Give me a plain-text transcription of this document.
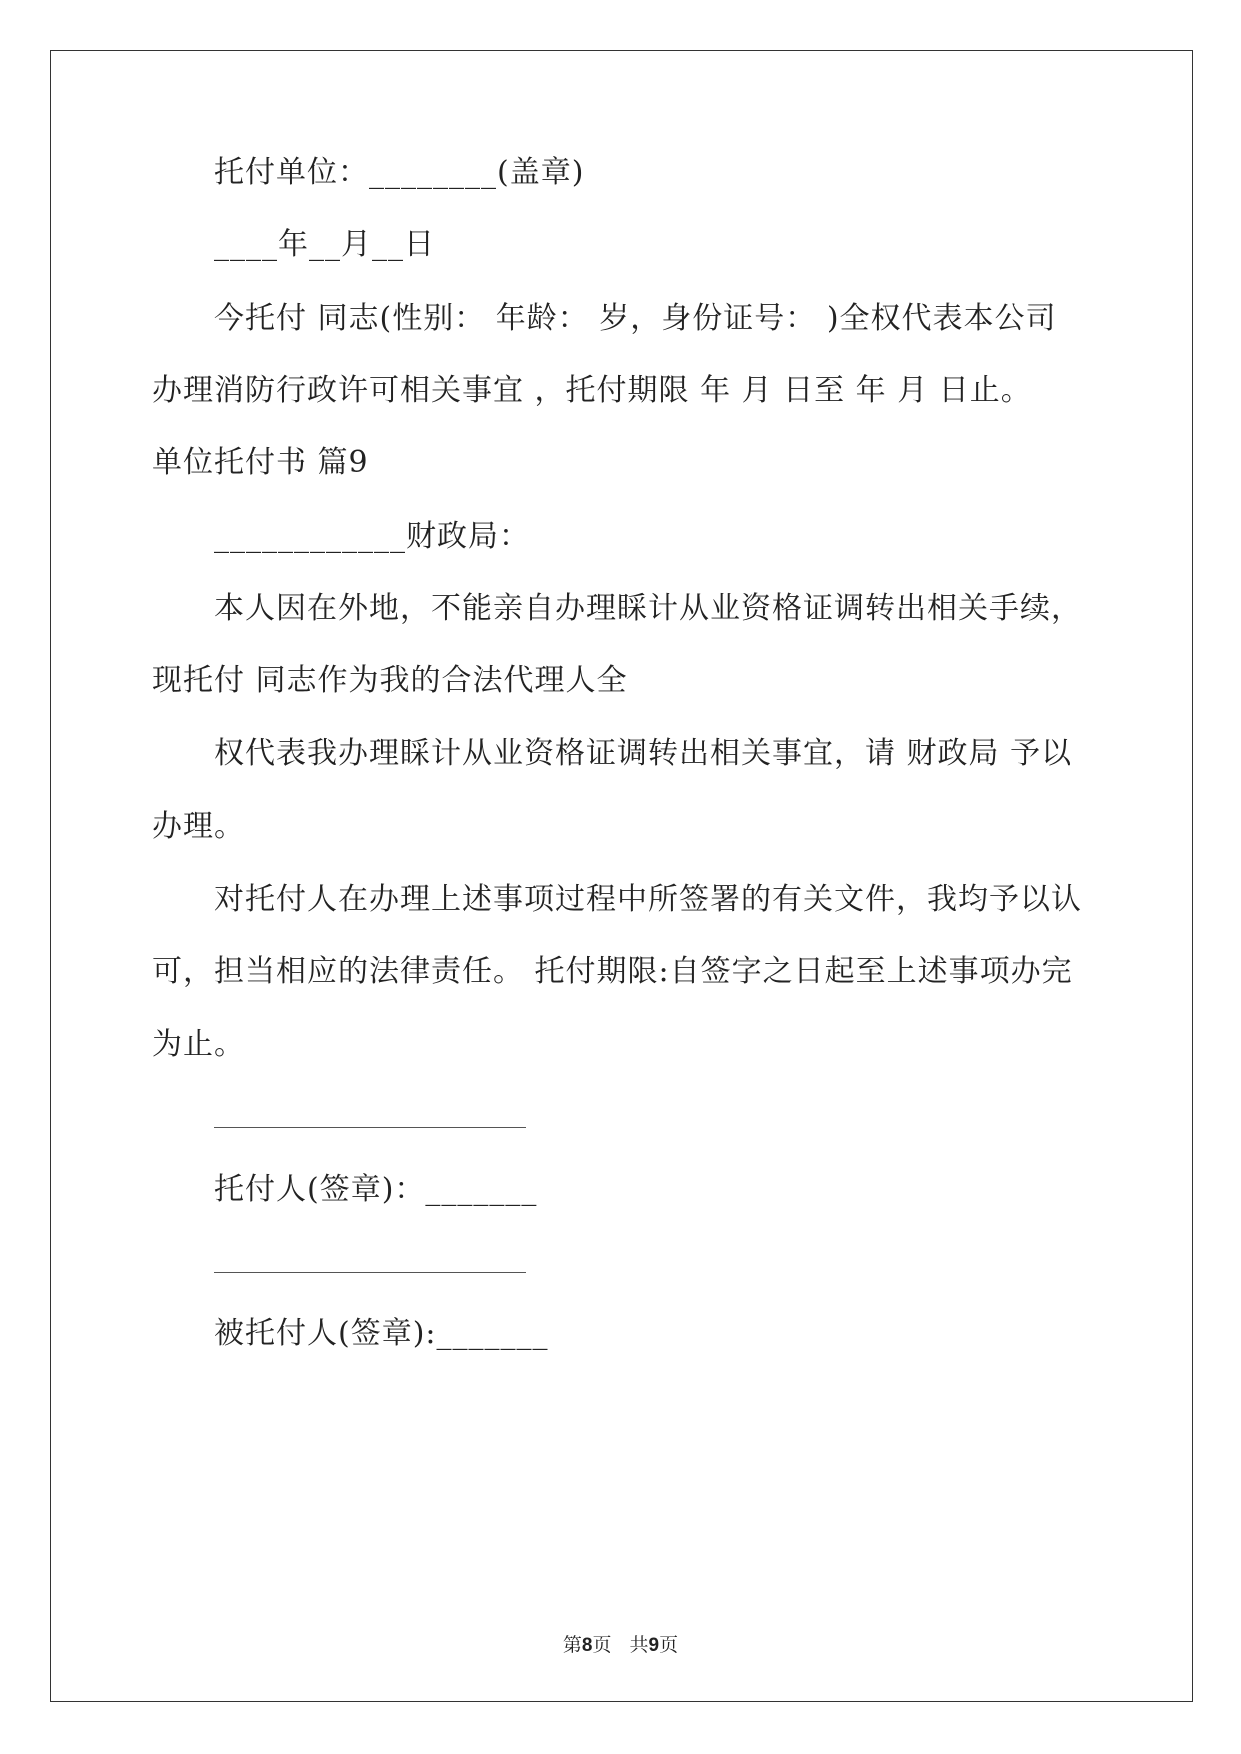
托付单位：________(盖章)
____年__月__日
今托付 同志(性别： 年龄： 岁，身份证号： )全权代表本公司
办理消防行政许可相关事宜 ，托付期限 年 月 日至 年 月 日止。
单位托付书 篇9
____________财政局：
本人因在外地，不能亲自办理睬计从业资格证调转出相关手续，
现托付 同志作为我的合法代理人全
权代表我办理睬计从业资格证调转出相关事宜，请 财政局 予以
办理。
对托付人在办理上述事项过程中所签署的有关文件，我均予以认
可，担当相应的法律责任。 托付期限:自签字之日起至上述事项办完
为止。
托付人(签章)：_______
被托付人(签章):_______
第8页 共9页
